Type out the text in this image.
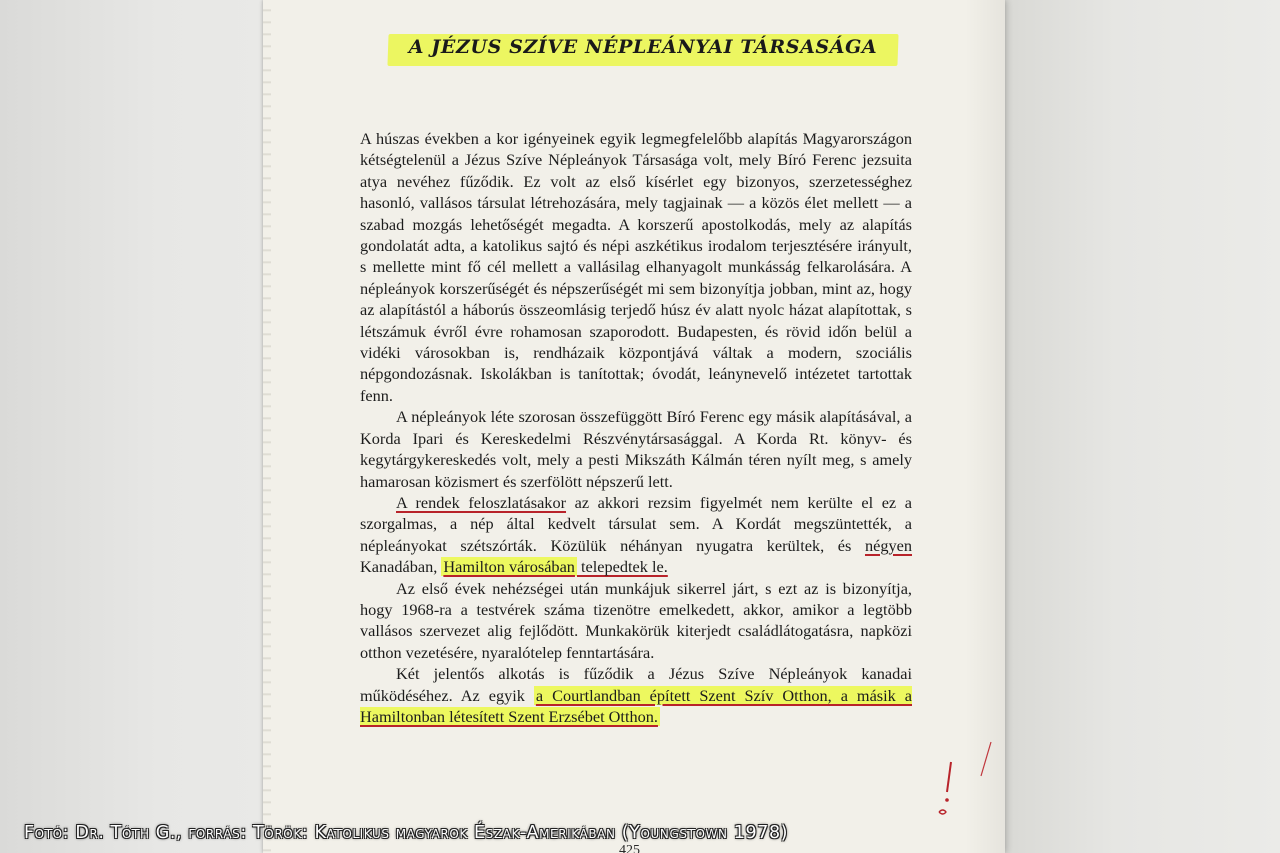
A JÉZUS SZÍVE NÉPLEÁNYAI TÁRSASÁGA

A húszas években a kor igényeinek egyik legmegfelelőbb alapítás Magyarországon kétségtelenül a Jézus Szíve Népleányok Társasága volt, mely Bíró Ferenc jezsuita atya nevéhez fűződik. Ez volt az első kísérlet egy bizonyos, szerzetességhez hasonló, vallásos társulat létrehozására, mely tagjainak — a közös élet mellett — a szabad mozgás lehetőségét megadta. A korszerű apostolkodás, mely az alapítás gondolatát adta, a katolikus sajtó és népi aszkétikus irodalom terjesztésére irányult, s mellette mint fő cél mellett a vallásilag elhanyagolt munkásság felkarolására. A népleányok korszerűségét és népszerűségét mi sem bizonyítja jobban, mint az, hogy az alapítástól a háborús összeomlásig terjedő húsz év alatt nyolc házat alapítottak, s létszámuk évről évre rohamosan szaporodott. Budapesten, és rövid időn belül a vidéki városokban is, rendházaik központjává váltak a modern, szociális népgondozásnak. Iskolákban is tanítottak; óvodát, leánynevelő intézetet tartottak fenn.

A népleányok léte szorosan összefüggött Bíró Ferenc egy másik alapításával, a Korda Ipari és Kereskedelmi Részvénytársasággal. A Korda Rt. könyv- és kegytárgykereskedés volt, mely a pesti Mikszáth Kálmán téren nyílt meg, s amely hamarosan közismert és szerfölött népszerű lett.

A rendek feloszlatásakor az akkori rezsim figyelmét nem kerülte el ez a szorgalmas, a nép által kedvelt társulat sem. A Kordát megszüntették, a népleányokat szétszórták. Közülük néhányan nyugatra kerültek, és négyen Kanadában, Hamilton városában telepedtek le.

Az első évek nehézségei után munkájuk sikerrel járt, s ezt az is bizonyítja, hogy 1968-ra a testvérek száma tizenötre emelkedett, akkor, amikor a legtöbb vallásos szervezet alig fejlődött. Munkakörük kiterjedt családlátogatásra, napközi otthon vezetésére, nyaralótelep fenntartására.

Két jelentős alkotás is fűződik a Jézus Szíve Népleányok kanadai működéséhez. Az egyik a Courtlandban épített Szent Szív Otthon, a másik a Hamiltonban létesített Szent Erzsébet Otthon.

425
Fotó: Dr. Tóth G., forrás: Török: Katolikus magyarok Észak-Amerikában (Youngstown 1978)
